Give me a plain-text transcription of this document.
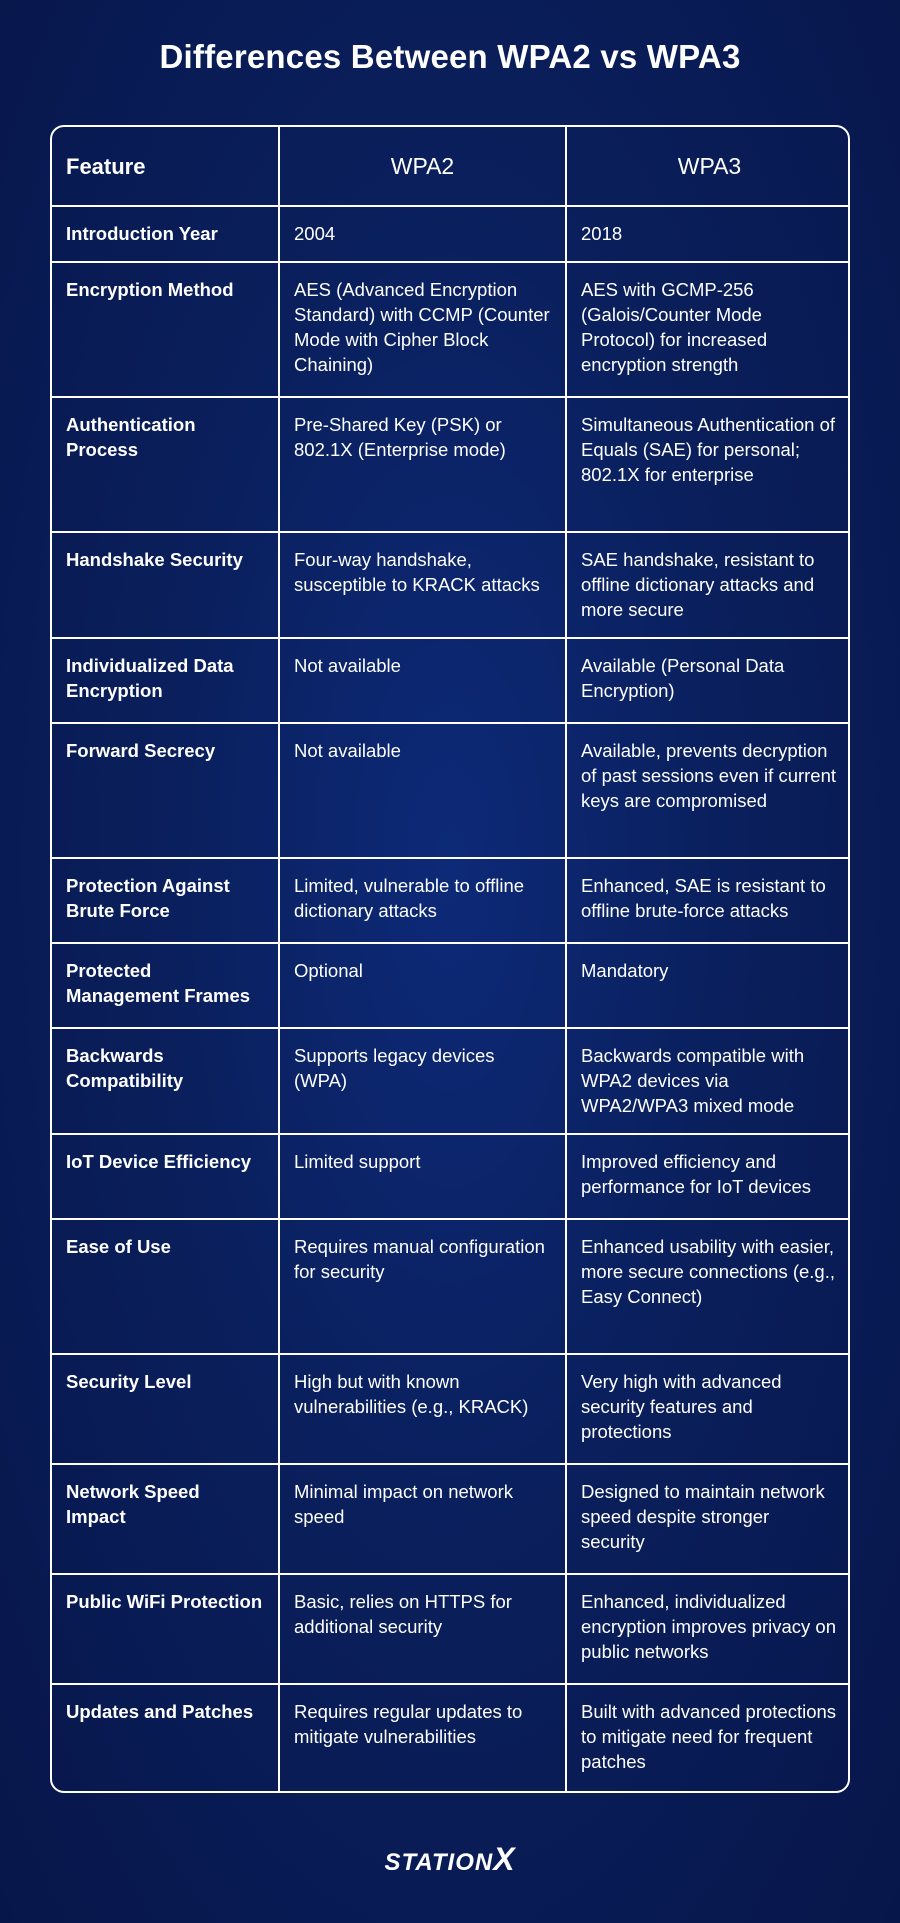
Differences Between WPA2 vs WPA3
Feature	WPA2	WPA3
Introduction Year	2004	2018
Encryption Method	AES (Advanced Encryption Standard) with CCMP (Counter Mode with Cipher Block Chaining)	AES with GCMP-256 (Galois/Counter Mode Protocol) for increased encryption strength
Authentication Process	Pre-Shared Key (PSK) or 802.1X (Enterprise mode)	Simultaneous Authentication of Equals (SAE) for personal; 802.1X for enterprise
Handshake Security	Four-way handshake, susceptible to KRACK attacks	SAE handshake, resistant to offline dictionary attacks and more secure
Individualized Data Encryption	Not available	Available (Personal Data Encryption)
Forward Secrecy	Not available	Available, prevents decryption of past sessions even if current keys are compromised
Protection Against Brute Force	Limited, vulnerable to offline dictionary attacks	Enhanced, SAE is resistant to offline brute-force attacks
Protected Management Frames	Optional	Mandatory
Backwards Compatibility	Supports legacy devices (WPA)	Backwards compatible with WPA2 devices via WPA2/WPA3 mixed mode
IoT Device Efficiency	Limited support	Improved efficiency and performance for IoT devices
Ease of Use	Requires manual configuration for security	Enhanced usability with easier, more secure connections (e.g., Easy Connect)
Security Level	High but with known vulnerabilities (e.g., KRACK)	Very high with advanced security features and protections
Network Speed Impact	Minimal impact on network speed	Designed to maintain network speed despite stronger security
Public WiFi Protection	Basic, relies on HTTPS for additional security	Enhanced, individualized encryption improves privacy on public networks
Updates and Patches	Requires regular updates to mitigate vulnerabilities	Built with advanced protections to mitigate need for frequent patches
STATIONX
